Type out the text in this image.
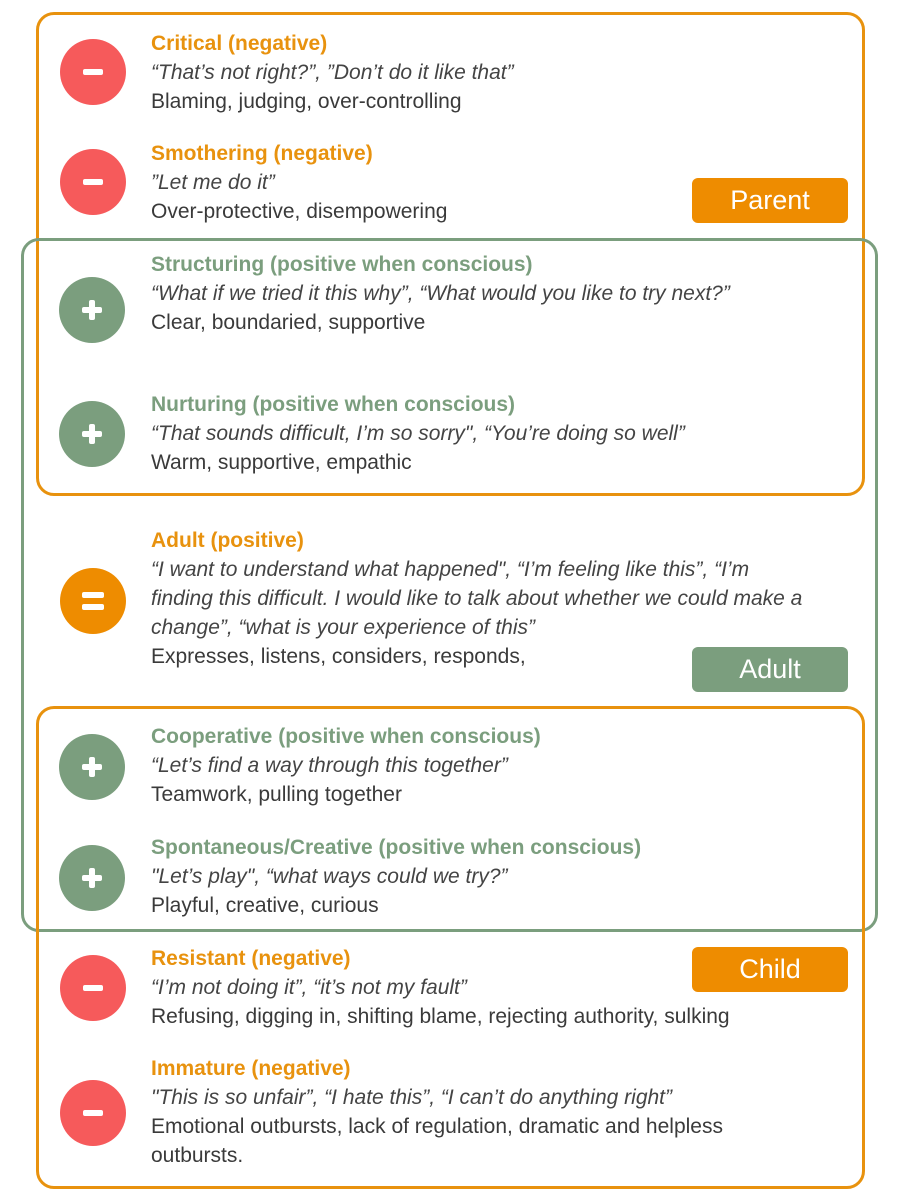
Parent
Adult
Child
Critical (negative)
“That’s not right?”, ”Don’t do it like that”
Blaming, judging, over-controlling
Smothering (negative)
”Let me do it”
Over-protective, disempowering
Structuring (positive when conscious)
“What if we tried it this why”, “What would you like to try next?”
Clear, boundaried, supportive
Nurturing (positive when conscious)
“That sounds difficult, I’m so sorry", “You’re doing so well”
Warm, supportive, empathic
Adult (positive)
“I want to understand what happened", “I’m feeling like this”, “I’m finding this difficult. I would like to talk about whether we could make a change”, “what is your experience of this”
Expresses, listens, considers, responds,
Cooperative (positive when conscious)
“Let’s find a way through this together”
Teamwork, pulling together
Spontaneous/Creative (positive when conscious)
"Let’s play", “what ways could we try?”
Playful, creative, curious
Resistant (negative)
“I’m not doing it”, “it’s not my fault”
Refusing, digging in, shifting blame, rejecting authority, sulking
Immature (negative)
"This is so unfair”, “I hate this”, “I can’t do anything right”
Emotional outbursts, lack of regulation, dramatic and helpless outbursts.
